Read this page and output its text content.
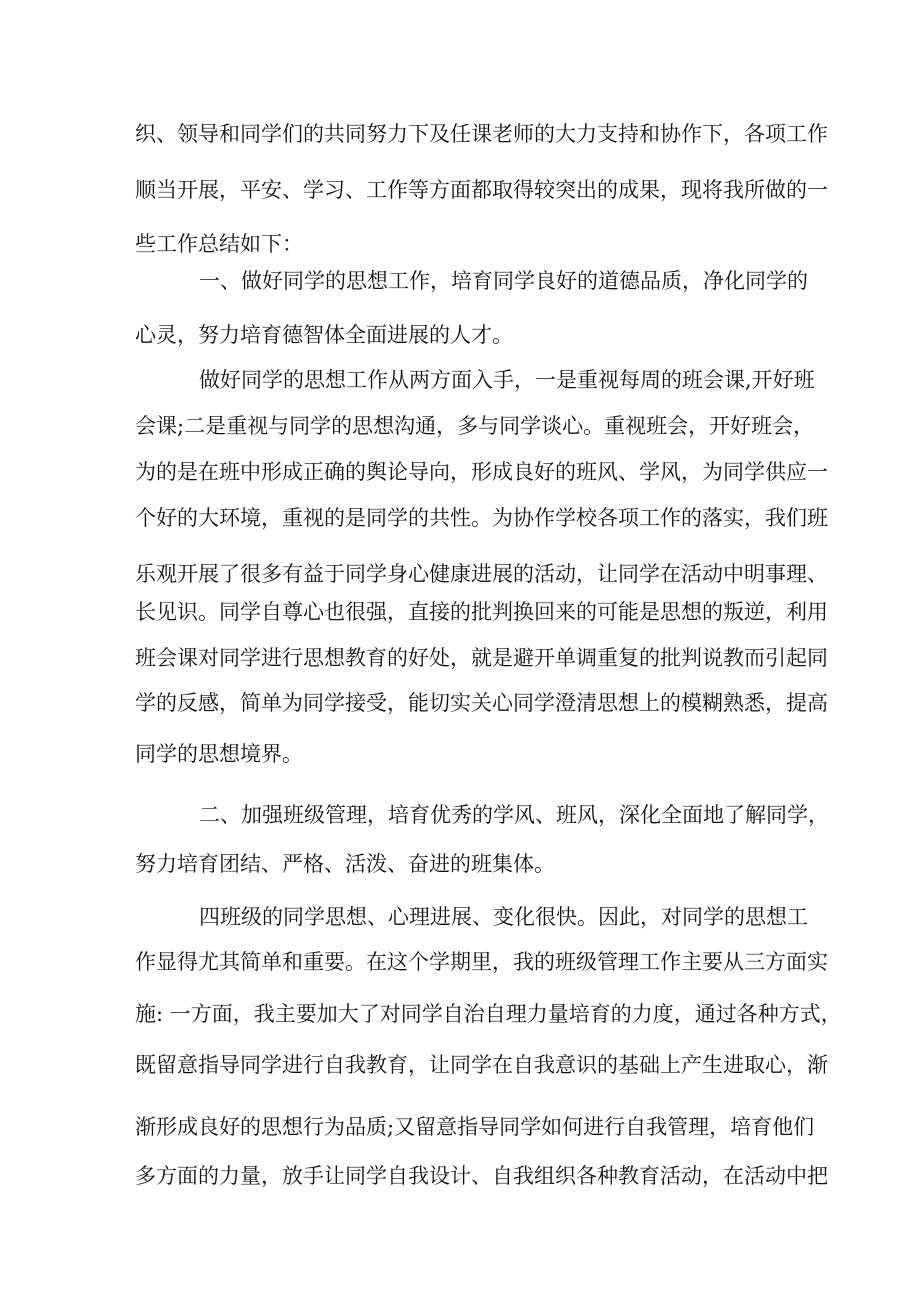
织、领导和同学们的共同努力下及任课老师的大力支持和协作下，各项工作
顺当开展，平安、学习、工作等方面都取得较突出的成果，现将我所做的一
些工作总结如下：
一、做好同学的思想工作，培育同学良好的道德品质，净化同学的
心灵，努力培育德智体全面进展的人才。
做好同学的思想工作从两方面入手，一是重视每周的班会课,开好班
会课;二是重视与同学的思想沟通，多与同学谈心。重视班会，开好班会，
为的是在班中形成正确的舆论导向，形成良好的班风、学风，为同学供应一
个好的大环境，重视的是同学的共性。为协作学校各项工作的落实，我们班
乐观开展了很多有益于同学身心健康进展的活动，让同学在活动中明事理、
长见识。同学自尊心也很强，直接的批判换回来的可能是思想的叛逆，利用
班会课对同学进行思想教育的好处，就是避开单调重复的批判说教而引起同
学的反感，简单为同学接受，能切实关心同学澄清思想上的模糊熟悉，提高
同学的思想境界。
二、加强班级管理，培育优秀的学风、班风，深化全面地了解同学，
努力培育团结、严格、活泼、奋进的班集体。
四班级的同学思想、心理进展、变化很快。因此，对同学的思想工
作显得尤其简单和重要。在这个学期里，我的班级管理工作主要从三方面实
施: 一方面，我主要加大了对同学自治自理力量培育的力度，通过各种方式，
既留意指导同学进行自我教育，让同学在自我意识的基础上产生进取心，渐
渐形成良好的思想行为品质;又留意指导同学如何进行自我管理，培育他们
多方面的力量，放手让同学自我设计、自我组织各种教育活动，在活动中把
